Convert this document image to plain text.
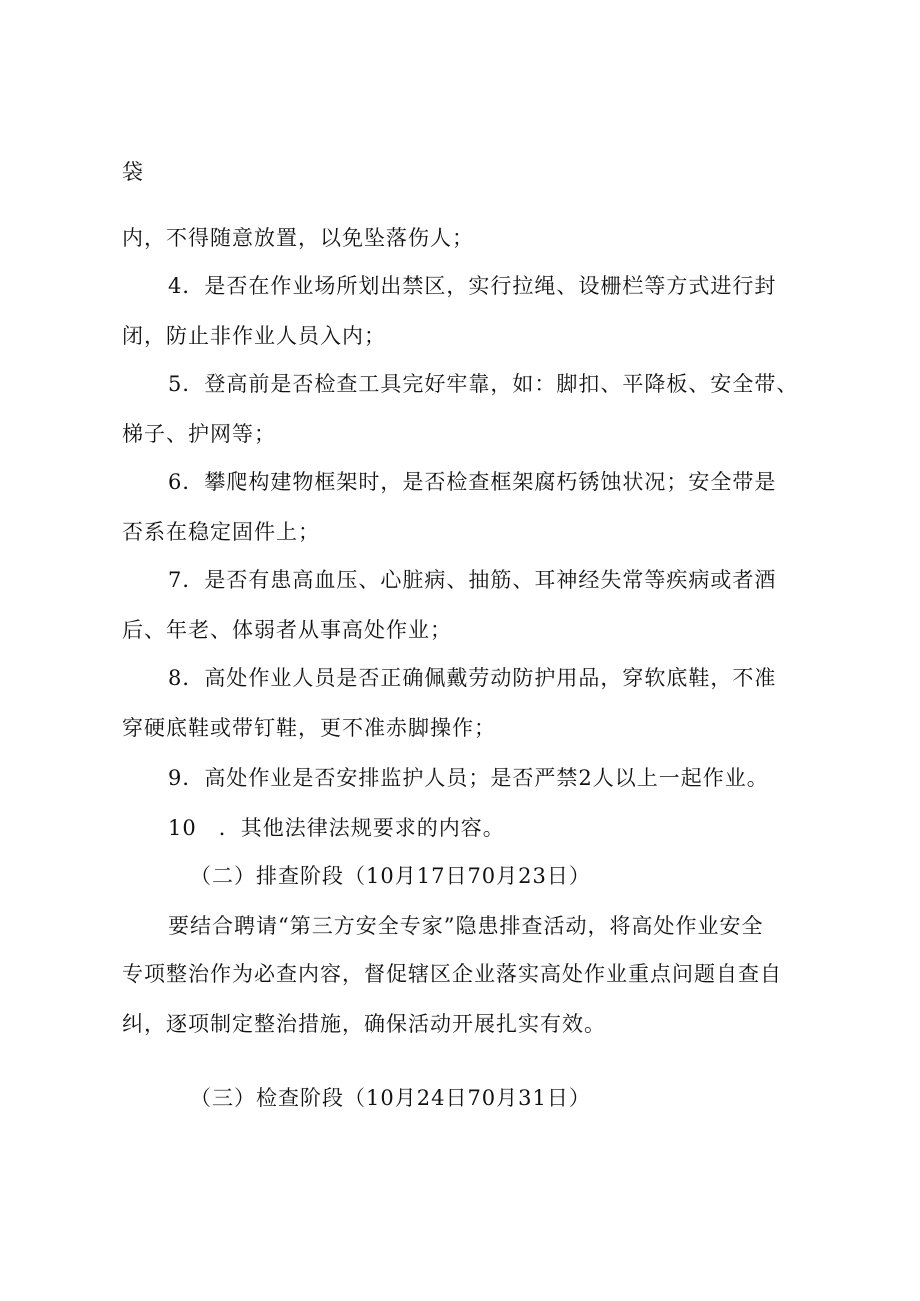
袋
内，不得随意放置，以免坠落伤人；
4．是否在作业场所划出禁区，实行拉绳、设栅栏等方式进行封
闭，防止非作业人员入内；
5．登高前是否检查工具完好牢靠，如：脚扣、平降板、安全带、
梯子、护网等；
6．攀爬构建物框架时，是否检查框架腐朽锈蚀状况；安全带是
否系在稳定固件上；
7．是否有患高血压、心脏病、抽筋、耳神经失常等疾病或者酒
后、年老、体弱者从事高处作业；
8．高处作业人员是否正确佩戴劳动防护用品，穿软底鞋，不准
穿硬底鞋或带钉鞋，更不准赤脚操作；
9．高处作业是否安排监护人员；是否严禁2人以上一起作业。
10　．其他法律法规要求的内容。
（二）排查阶段（10月17日70月23日）
要结合聘请“第三方安全专家”隐患排查活动，将高处作业安全
专项整治作为必查内容，督促辖区企业落实高处作业重点问题自查自
纠，逐项制定整治措施，确保活动开展扎实有效。
（三）检查阶段（10月24日70月31日）
